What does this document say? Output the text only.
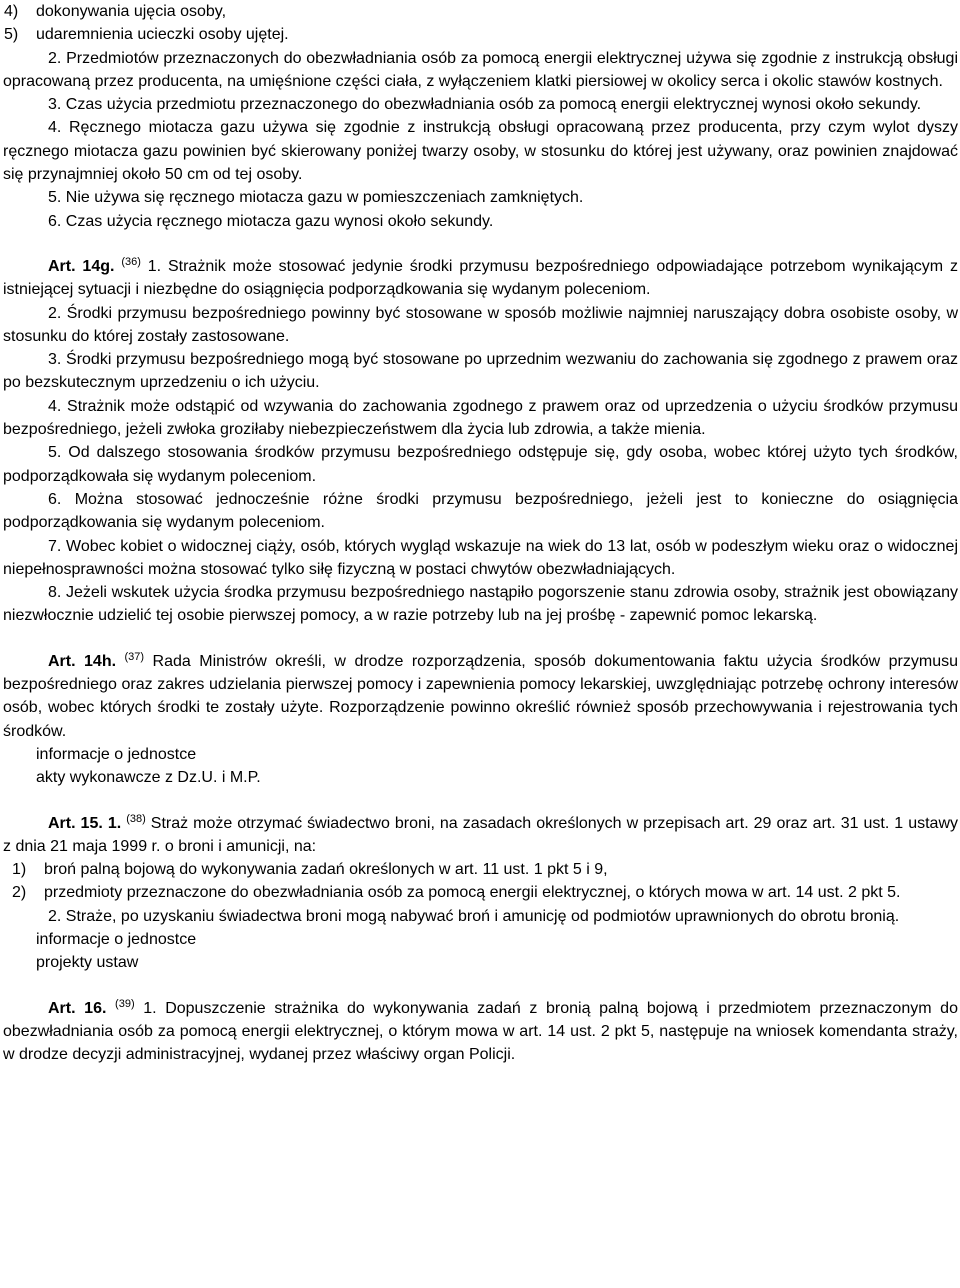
4)	dokonywania ujęcia osoby,
5)	udaremnienia ucieczki osoby ujętej.

2. Przedmiotów przeznaczonych do obezwładniania osób za pomocą energii elektrycznej używa się zgodnie z instrukcją obsługi opracowaną przez producenta, na umięśnione części ciała, z wyłączeniem klatki piersiowej w okolicy serca i okolic stawów kostnych.

3. Czas użycia przedmiotu przeznaczonego do obezwładniania osób za pomocą energii elektrycznej wynosi około sekundy.

4. Ręcznego miotacza gazu używa się zgodnie z instrukcją obsługi opracowaną przez producenta, przy czym wylot dyszy ręcznego miotacza gazu powinien być skierowany poniżej twarzy osoby, w stosunku do której jest używany, oraz powinien znajdować się przynajmniej około 50 cm od tej osoby.

5. Nie używa się ręcznego miotacza gazu w pomieszczeniach zamkniętych.

6. Czas użycia ręcznego miotacza gazu wynosi około sekundy.

Art. 14g. $^{(36)}$ 1. Strażnik może stosować jedynie środki przymusu bezpośredniego odpowiadające potrzebom wynikającym z istniejącej sytuacji i niezbędne do osiągnięcia podporządkowania się wydanym poleceniom.

2. Środki przymusu bezpośredniego powinny być stosowane w sposób możliwie najmniej naruszający dobra osobiste osoby, w stosunku do której zostały zastosowane.

3. Środki przymusu bezpośredniego mogą być stosowane po uprzednim wezwaniu do zachowania się zgodnego z prawem oraz po bezskutecznym uprzedzeniu o ich użyciu.

4. Strażnik może odstąpić od wzywania do zachowania zgodnego z prawem oraz od uprzedzenia o użyciu środków przymusu bezpośredniego, jeżeli zwłoka groziłaby niebezpieczeństwem dla życia lub zdrowia, a także mienia.

5. Od dalszego stosowania środków przymusu bezpośredniego odstępuje się, gdy osoba, wobec której użyto tych środków, podporządkowała się wydanym poleceniom.

6. Można stosować jednocześnie różne środki przymusu bezpośredniego, jeżeli jest to konieczne do osiągnięcia podporządkowania się wydanym poleceniom.

7. Wobec kobiet o widocznej ciąży, osób, których wygląd wskazuje na wiek do 13 lat, osób w podeszłym wieku oraz o widocznej niepełnosprawności można stosować tylko siłę fizyczną w postaci chwytów obezwładniających.

8. Jeżeli wskutek użycia środka przymusu bezpośredniego nastąpiło pogorszenie stanu zdrowia osoby, strażnik jest obowiązany niezwłocznie udzielić tej osobie pierwszej pomocy, a w razie potrzeby lub na jej prośbę - zapewnić pomoc lekarską.

Art. 14h. $^{(37)}$ Rada Ministrów określi, w drodze rozporządzenia, sposób dokumentowania faktu użycia środków przymusu bezpośredniego oraz zakres udzielania pierwszej pomocy i zapewnienia pomocy lekarskiej, uwzględniając potrzebę ochrony interesów osób, wobec których środki te zostały użyte. Rozporządzenie powinno określić również sposób przechowywania i rejestrowania tych środków.

informacje o jednostce
akty wykonawcze z Dz.U. i M.P.

Art. 15. 1. $^{(38)}$ Straż może otrzymać świadectwo broni, na zasadach określonych w przepisach art. 29 oraz art. 31 ust. 1 ustawy z dnia 21 maja 1999 r. o broni i amunicji, na:

1)	broń palną bojową do wykonywania zadań określonych w art. 11 ust. 1 pkt 5 i 9,
2)	przedmioty przeznaczone do obezwładniania osób za pomocą energii elektrycznej, o których mowa w art. 14 ust. 2 pkt 5.

2. Straże, po uzyskaniu świadectwa broni mogą nabywać broń i amunicję od podmiotów uprawnionych do obrotu bronią.

informacje o jednostce
projekty ustaw

Art. 16. $^{(39)}$ 1. Dopuszczenie strażnika do wykonywania zadań z bronią palną bojową i przedmiotem przeznaczonym do obezwładniania osób za pomocą energii elektrycznej, o którym mowa w art. 14 ust. 2 pkt 5, następuje na wniosek komendanta straży, w drodze decyzji administracyjnej, wydanej przez właściwy organ Policji.
